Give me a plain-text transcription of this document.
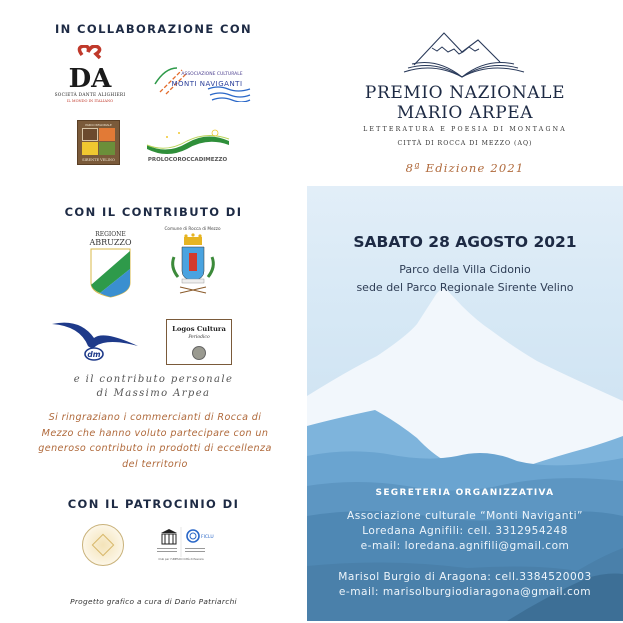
IN COLLABORAZIONE CON
DA
SOCIETÀ DANTE ALIGHIERI
IL MONDO IN ITALIANO
ASSOCIAZIONE CULTURALE
MONTI NAVIGANTI
PARCO REGIONALE
SIRENTE VELINO	PROLOCOROCCADIMEZZO
CON IL CONTRIBUTO DI
REGIONE
ABRUZZO
Comune di Rocca di Mezzo
dm
Logos Cultura
Periodico
e il contributo personale
di Massimo Arpea
Si ringraziano i commercianti di Rocca di
Mezzo che hanno voluto partecipare con un
generoso contributo in prodotti di eccellenza
del territorio
CON IL PATROCINIO DI
FICLU
Club per l'UNESCO Città di Pescara
Progetto grafico a cura di Dario Patriarchi
PREMIO NAZIONALE
MARIO ARPEA
LETTERATURA E POESIA DI MONTAGNA
CITTÀ DI ROCCA DI MEZZO (AQ)
8ª Edizione 2021
SABATO 28 AGOSTO 2021
Parco della Villa Cidonio
sede del Parco Regionale Sirente Velino
SEGRETERIA ORGANIZZATIVA
Associazione culturale “Monti Naviganti”
Loredana Agnifili: cell. 3312954248
e-mail: loredana.agnifili@gmail.com
Marisol Burgio di Aragona: cell.3384520003
e-mail: marisolburgiodiaragona@gmail.com
